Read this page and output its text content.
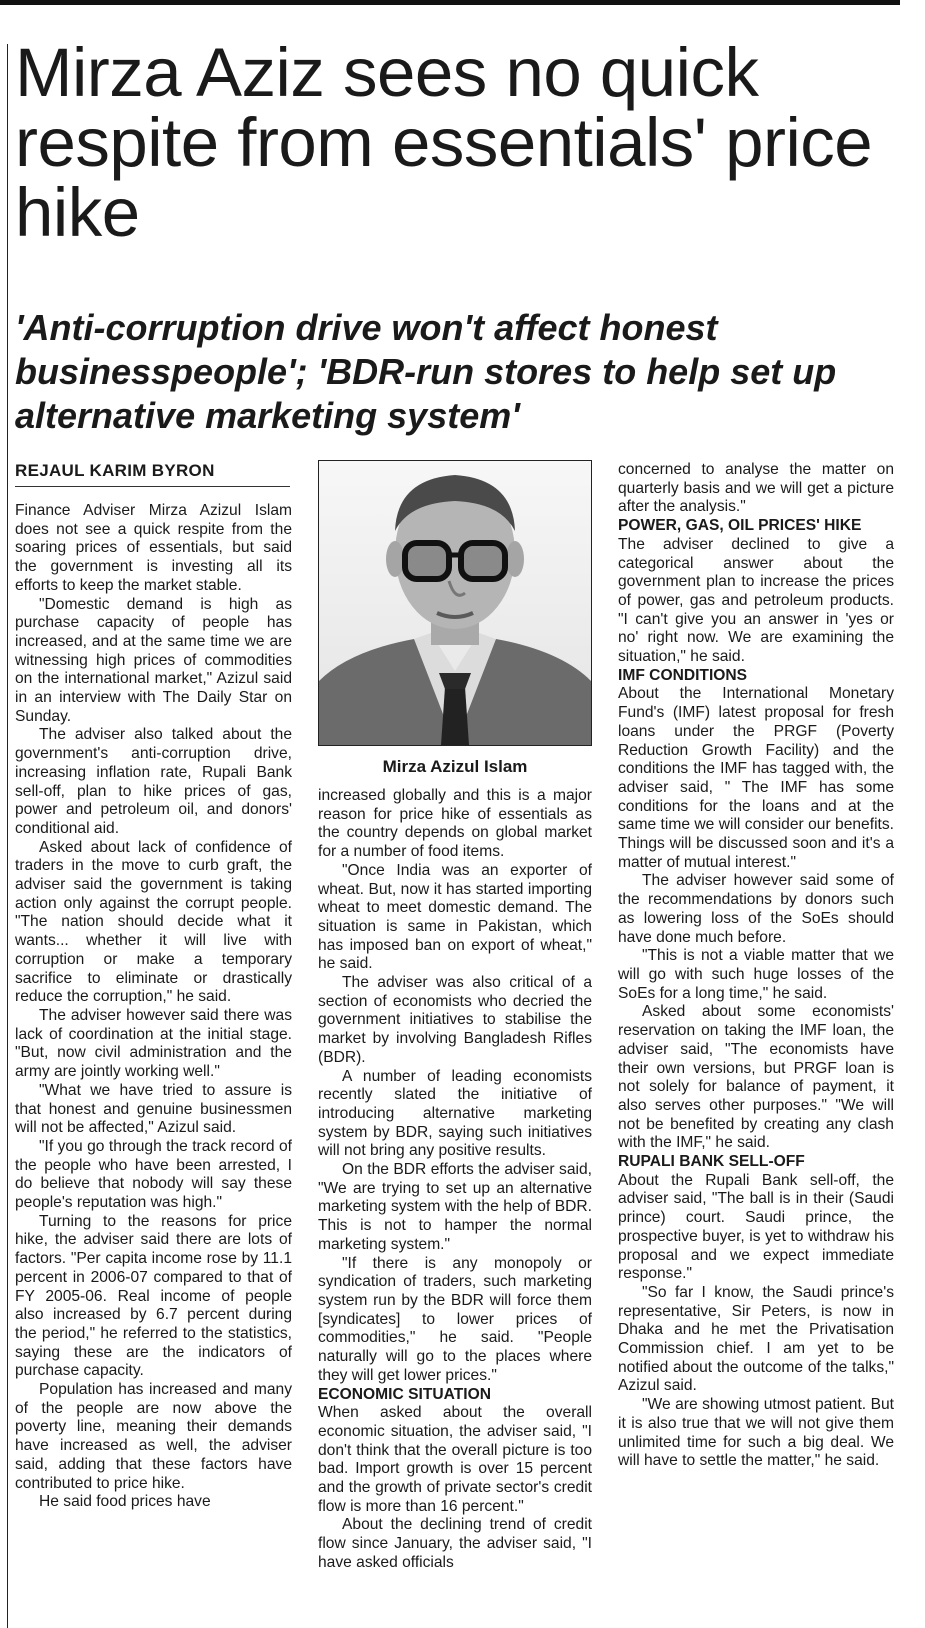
Mirza Aziz sees no quick respite from essentials' price hike
'Anti-corruption drive won't affect honest businesspeople'; 'BDR-run stores to help set up alternative marketing system'
REJAUL KARIM BYRON

Finance Adviser Mirza Azizul Islam does not see a quick respite from the soaring prices of essentials, but said the government is investing all its efforts to keep the market stable.

"Domestic demand is high as purchase capacity of people has increased, and at the same time we are witnessing high prices of commodities on the international market," Azizul said in an interview with The Daily Star on Sunday.

The adviser also talked about the government's anti-corruption drive, increasing inflation rate, Rupali Bank sell-off, plan to hike prices of gas, power and petroleum oil, and donors' conditional aid.

Asked about lack of confidence of traders in the move to curb graft, the adviser said the government is taking action only against the corrupt people. "The nation should decide what it wants... whether it will live with corruption or make a temporary sacrifice to eliminate or drastically reduce the corruption," he said.

The adviser however said there was lack of coordination at the initial stage. "But, now civil administration and the army are jointly working well."

"What we have tried to assure is that honest and genuine businessmen will not be affected," Azizul said.

"If you go through the track record of the people who have been arrested, I do believe that nobody will say these people's reputation was high."

Turning to the reasons for price hike, the adviser said there are lots of factors. "Per capita income rose by 11.1 percent in 2006-07 compared to that of FY 2005-06. Real income of people also increased by 6.7 percent during the period," he referred to the statistics, saying these are the indicators of purchase capacity.

Population has increased and many of the people are now above the poverty line, meaning their demands have increased as well, the adviser said, adding that these factors have contributed to price hike.

He said food prices have

Mirza Azizul Islam

increased globally and this is a major reason for price hike of essentials as the country depends on global market for a number of food items.

"Once India was an exporter of wheat. But, now it has started importing wheat to meet domestic demand. The situation is same in Pakistan, which has imposed ban on export of wheat," he said.

The adviser was also critical of a section of economists who decried the government initiatives to stabilise the market by involving Bangladesh Rifles (BDR).

A number of leading economists recently slated the initiative of introducing alternative marketing system by BDR, saying such initiatives will not bring any positive results.

On the BDR efforts the adviser said, "We are trying to set up an alternative marketing system with the help of BDR. This is not to hamper the normal marketing system."

"If there is any monopoly or syndication of traders, such marketing system run by the BDR will force them [syndicates] to lower prices of commodities," he said. "People naturally will go to the places where they will get lower prices."

ECONOMIC SITUATION

When asked about the overall economic situation, the adviser said, "I don't think that the overall picture is too bad. Import growth is over 15 percent and the growth of private sector's credit flow is more than 16 percent."

About the declining trend of credit flow since January, the adviser said, "I have asked officials

concerned to analyse the matter on quarterly basis and we will get a picture after the analysis."

POWER, GAS, OIL PRICES' HIKE

The adviser declined to give a categorical answer about the government plan to increase the prices of power, gas and petroleum products. "I can't give you an answer in 'yes or no' right now. We are examining the situation," he said.

IMF CONDITIONS

About the International Monetary Fund's (IMF) latest proposal for fresh loans under the PRGF (Poverty Reduction Growth Facility) and the conditions the IMF has tagged with, the adviser said, " The IMF has some conditions for the loans and at the same time we will consider our benefits. Things will be discussed soon and it's a matter of mutual interest."

The adviser however said some of the recommendations by donors such as lowering loss of the SoEs should have done much before.

"This is not a viable matter that we will go with such huge losses of the SoEs for a long time," he said.

Asked about some economists' reservation on taking the IMF loan, the adviser said, "The economists have their own versions, but PRGF loan is not solely for balance of payment, it also serves other purposes." "We will not be benefited by creating any clash with the IMF," he said.

RUPALI BANK SELL-OFF

About the Rupali Bank sell-off, the adviser said, "The ball is in their (Saudi prince) court. Saudi prince, the prospective buyer, is yet to withdraw his proposal and we expect immediate response."

"So far I know, the Saudi prince's representative, Sir Peters, is now in Dhaka and he met the Privatisation Commission chief. I am yet to be notified about the outcome of the talks," Azizul said.

"We are showing utmost patient. But it is also true that we will not give them unlimited time for such a big deal. We will have to settle the matter," he said.
